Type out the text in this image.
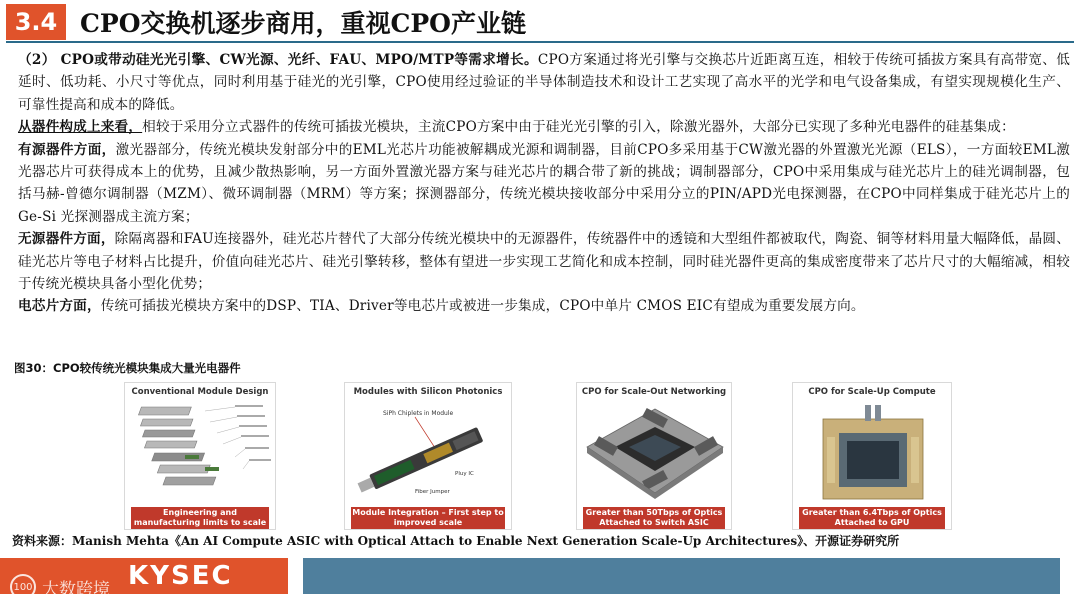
3.4 CPO交换机逐步商用，重视CPO产业链

（2） CPO或带动硅光光引擎、CW光源、光纤、FAU、MPO/MTP等需求增长。CPO方案通过将光引擎与交换芯片近距离互连，相较于传统可插拔方案具有高带宽、低延时、低功耗、小尺寸等优点，同时利用基于硅光的光引擎，CPO使用经过验证的半导体制造技术和设计工艺实现了高水平的光学和电气设备集成，有望实现规模化生产、可靠性提高和成本的降低。

从器件构成上来看，相较于采用分立式器件的传统可插拔光模块，主流CPO方案中由于硅光光引擎的引入，除激光器外，大部分已实现了多种光电器件的硅基集成：

有源器件方面，激光器部分，传统光模块发射部分中的EML光芯片功能被解耦成光源和调制器，目前CPO多采用基于CW激光器的外置激光光源（ELS），一方面较EML激光器芯片可获得成本上的优势，且减少散热影响，另一方面外置激光器方案与硅光芯片的耦合带了新的挑战；调制器部分，CPO中采用集成与硅光芯片上的硅光调制器，包括马赫-曾德尔调制器（MZM）、微环调制器（MRM）等方案；探测器部分，传统光模块接收部分中采用分立的PIN/APD光电探测器，在CPO中同样集成于硅光芯片上的Ge-Si 光探测器成主流方案；

无源器件方面，除隔离器和FAU连接器外，硅光芯片替代了大部分传统光模块中的无源器件，传统器件中的透镜和大型组件都被取代，陶瓷、铜等材料用量大幅降低，晶圆、硅光芯片等电子材料占比提升，价值向硅光芯片、硅光引擎转移，整体有望进一步实现工艺简化和成本控制，同时硅光器件更高的集成密度带来了芯片尺寸的大幅缩减，相较于传统光模块具备小型化优势；

电芯片方面，传统可插拔光模块方案中的DSP、TIA、Driver等电芯片或被进一步集成，CPO中单片 CMOS EIC有望成为重要发展方向。

图30：CPO较传统光模块集成大量光电器件
Conventional Module Design
Engineering and manufacturing limits to scale
Modules with Silicon Photonics
SiPh Chiplets in Module
Pluy IC
Fiber Jumper
Module Integration – First step to improved scale
CPO for Scale-Out Networking
Greater than 50Tbps of Optics Attached to Switch ASIC
CPO for Scale-Up Compute
Greater than 6.4Tbps of Optics Attached to GPU
资料来源：Manish Mehta《An AI Compute ASIC with Optical Attach to Enable Next Generation Scale-Up Architectures》、开源证券研究所
KYSEC
100 大数跨境
